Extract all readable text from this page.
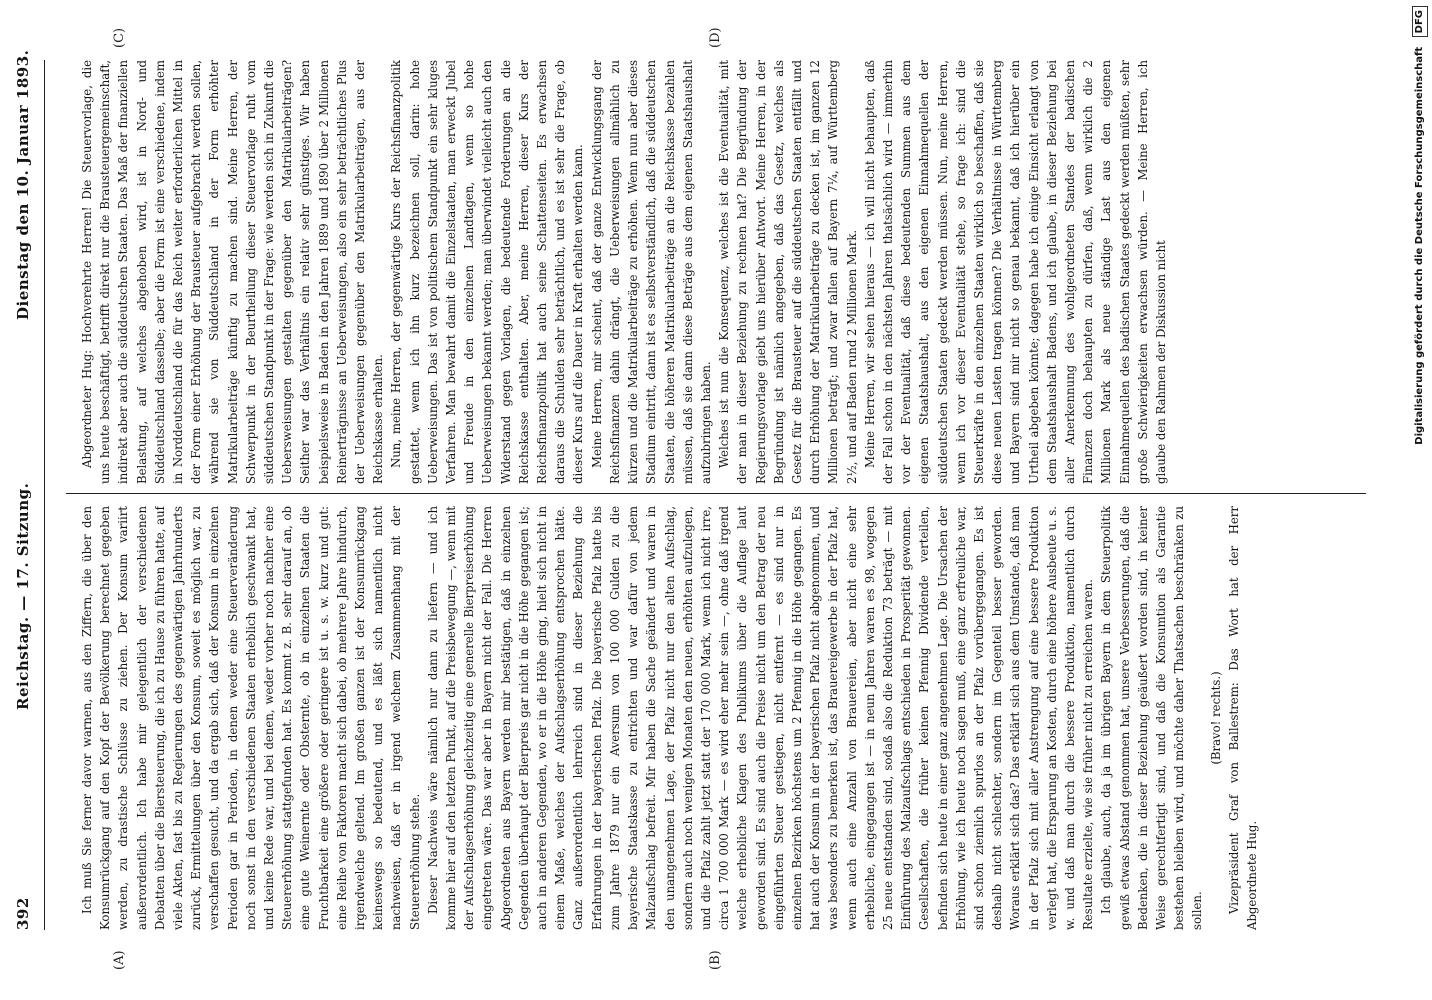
392
Reichstag. — 17. Sitzung.
Dienstag den 10. Januar 1893.
(A)	(B)
(C)	(D)

Ich muß Sie ferner davor warnen, aus den Ziffern, die über den Konsumrückgang auf den Kopf der Bevölkerung berechnet gegeben werden, zu drastische Schlüsse zu ziehen. Der Konsum variirt außerordentlich. Ich habe mir gelegentlich der verschiedenen Debatten über die Biersteuerung, die ich zu Hause zu führen hatte, auf viele Akten, fast bis zu Regierungen des gegenwärtigen Jahrhunderts zurück, Ermittelungen über den Konsum, soweit es möglich war, zu verschaffen gesucht, und da ergab sich, daß der Konsum in einzelnen Perioden gar in Perioden, in denen weder eine Steuerveränderung noch sonst in den verschiedenen Staaten erheblich geschwankt hat, und keine Rede war, und bei denen, weder vorher noch nachher eine Steuererhöhung stattgefunden hat. Es kommt z. B. sehr darauf an, ob eine gute Weinernte oder Obsternte, ob in einzelnen Staaten die Fruchtbarkeit eine größere oder geringere ist u. s. w. kurz und gut: eine Reihe von Faktoren macht sich dabei, ob mehrere Jahre hindurch, irgendwelche geltend. Im großen ganzen ist der Konsumrückgang keineswegs so bedeutend, und es läßt sich namentlich nicht nachweisen, daß er in irgend welchem Zusammenhang mit der Steuererhöhung stehe. Dieser Nachweis wäre nämlich nur dann zu liefern — und ich komme hier auf den letzten Punkt, auf die Preisbewegung —, wenn mit der Aufschlagserhöhung gleichzeitig eine generelle Bierpreiserhöhung eingetreten wäre. Das war aber in Bayern nicht der Fall. Die Herren Abgeordneten aus Bayern werden mir bestätigen, daß in einzelnen Gegenden überhaupt der Bierpreis gar nicht in die Höhe gegangen ist; auch in anderen Gegenden, wo er in die Höhe ging, hielt sich nicht in einem Maße, welches der Aufschlagserhöhung entsprochen hätte. Ganz außerordentlich lehrreich sind in dieser Beziehung die Erfahrungen in der bayerischen Pfalz. Die bayerische Pfalz hatte bis zum Jahre 1879 nur ein Aversum von 100 000 Gulden zu die bayerische Staatskasse zu entrichten und war dafür von jedem Malzaufschlag befreit. Mir haben die Sache geändert und waren in den unangenehmen Lage, der Pfalz nicht nur den alten Aufschlag, sondern auch noch wenigen Monaten den neuen, erhöhten aufzulegen, und die Pfalz zahlt jetzt statt der 170 000 Mark, wenn ich nicht irre, circa 1 700 000 Mark — es wird eher mehr sein —, ohne daß irgend welche erhebliche Klagen des Publikums über die Auflage laut geworden sind. Es sind auch die Preise nicht um den Betrag der neu eingeführten Steuer gestiegen, nicht entfernt — es sind nur in einzelnen Bezirken höchstens um 2 Pfennig in die Höhe gegangen. Es hat auch der Konsum in der bayerischen Pfalz nicht abgenommen, und was besonders zu bemerken ist, das Brauereigewerbe in der Pfalz hat, wenn auch eine Anzahl von Brauereien, aber nicht eine sehr erhebliche, eingegangen ist — in neun Jahren waren es 98, wogegen 25 neue entstanden sind, sodaß also die Reduktion 73 beträgt — mit Einführung des Malzaufschlags entschieden in Prosperität gewonnen. Gesellschaften, die früher keinen Pfennig Dividende verteilen, befinden sich heute in einer ganz angenehmen Lage. Die Ursachen der Erhöhung, wie ich heute noch sagen muß, eine ganz erfreuliche war, sind schon ziemlich spurlos an der Pfalz vorübergegangen. Es ist deshalb nicht schlechter, sondern im Gegenteil besser geworden. Woraus erklärt sich das? Das erklärt sich aus dem Umstande, daß man in der Pfalz sich mit aller Anstrengung auf eine bessere Produktion verlegt hat, die Ersparung an Kosten, durch eine höhere Ausbeute u. s. w. und daß man durch die bessere Produktion, namentlich durch Resultate erzielte, wie sie früher nicht zu erreichen waren. Ich glaube, auch, da ja im übrigen Bayern in dem Steuerpolitik gewiß etwas Abstand genommen hat, unsere Verbesserungen, daß die Bedenken, die in dieser Beziehung geäußert worden sind, in keiner Weise gerechtfertigt sind, und daß die Konsumtion als Garantie bestehen bleiben wird, und möchte daher Thatsachen beschränken zu sollen.

(Bravo! rechts.) Vizepräsident Graf von Ballestrem: Das Wort hat der Herr Abgeordnete Hug.

Abgeordneter Hug: Hochverehrte Herren! Die Steuervorlage, die uns heute beschäftigt, betrifft direkt nur die Brausteuergemeinschaft, indirekt aber auch die süddeutschen Staaten. Das Maß der finanziellen Belastung, auf welches abgehoben wird, ist in Nord- und Süddeutschland dasselbe; aber die Form ist eine verschiedene, indem in Norddeutschland die für das Reich weiter erforderlichen Mittel in der Form einer Erhöhung der Brausteuer aufgebracht werden sollen, während sie von Süddeutschland in der Form erhöhter Matrikularbeiträge künftig zu machen sind. Meine Herren, der Schwerpunkt in der Beurtheilung dieser Steuervorlage ruht vom süddeutschen Standpunkt in der Frage: wie werden sich in Zukunft die Uebersweisungen gestalten gegenüber den Matrikularbeiträgen? Seither war das Verhältnis ein relativ sehr günstiges. Wir haben beispielsweise in Baden in den Jahren 1889 und 1890 über 2 Millionen Reinerträgnisse an Ueberweisungen, also ein sehr beträchtliches Plus der Ueberweisungen gegenüber den Matrikularbeiträgen, aus der Reichskasse erhalten. Nun, meine Herren, der gegenwärtige Kurs der Reichsfinanzpolitik gestattet, wenn ich ihn kurz bezeichnen soll, darin: hohe Ueberweisungen. Das ist von politischem Standpunkt ein sehr kluges Verfahren. Man bewahrt damit die Einzelstaaten, man erweckt Jubel und Freude in den einzelnen Landtagen, wenn so hohe Ueberweisungen bekannt werden; man überwindet vielleicht auch den Widerstand gegen Vorlagen, die bedeutende Forderungen an die Reichskasse enthalten. Aber, meine Herren, dieser Kurs der Reichsfinanzpolitik hat auch seine Schattenseiten. Es erwachsen daraus die Schulden sehr beträchtlich, und es ist sehr die Frage, ob dieser Kurs auf die Dauer in Kraft erhalten werden kann. Meine Herren, mir scheint, daß der ganze Entwicklungsgang der Reichsfinanzen dahin drängt, die Ueberweisungen allmählich zu kürzen und die Matrikularbeiträge zu erhöhen. Wenn nun aber dieses Stadium eintritt, dann ist es selbstverständlich, daß die süddeutschen Staaten, die höheren Matrikularbeiträge an die Reichskasse bezahlen müssen, daß sie dann diese Beträge aus dem eigenen Staatshaushalt aufzubringen haben. Welches ist nun die Konsequenz, welches ist die Eventualität, mit der man in dieser Beziehung zu rechnen hat? Die Begründung der Regierungsvorlage giebt uns hierüber Antwort. Meine Herren, in der Begründung ist nämlich angegeben, daß das Gesetz, welches als Gesetz für die Brausteuer auf die süddeutschen Staaten entfällt und durch Erhöhung der Matrikularbeiträge zu decken ist, im ganzen 12 Millionen beträgt; und zwar fallen auf Bayern 7¼, auf Württemberg 2½, und auf Baden rund 2 Millionen Mark. Meine Herren, wir sehen hieraus — ich will nicht behaupten, daß der Fall schon in den nächsten Jahren thatsächlich wird — immerhin vor der Eventualität, daß diese bedeutenden Summen aus dem eigenen Staatshaushalt, aus den eigenen Einnahmequellen der süddeutschen Staaten gedeckt werden müssen. Nun, meine Herren, wenn ich vor dieser Eventualität stehe, so frage ich: sind die Steuerkräfte in den einzelnen Staaten wirklich so beschaffen, daß sie diese neuen Lasten tragen können? Die Verhältnisse in Württemberg und Bayern sind mir nicht so genau bekannt, daß ich hierüber ein Urtheil abgeben könnte; dagegen habe ich einige Einsicht erlangt von dem Staatshaushalt Badens, und ich glaube, in dieser Beziehung bei aller Anerkennung des wohlgeordneten Standes der badischen Finanzen doch behaupten zu dürfen, daß, wenn wirklich die 2 Millionen Mark als neue ständige Last aus den eigenen Einnahmequellen des badischen Staates gedeckt werden müßten, sehr große Schwierigkeiten erwachsen würden. — Meine Herren, ich glaube den Rahmen der Diskussion nicht	Digitalisierung gefördert durch die Deutsche Forschungsgemeinschaft DFG
